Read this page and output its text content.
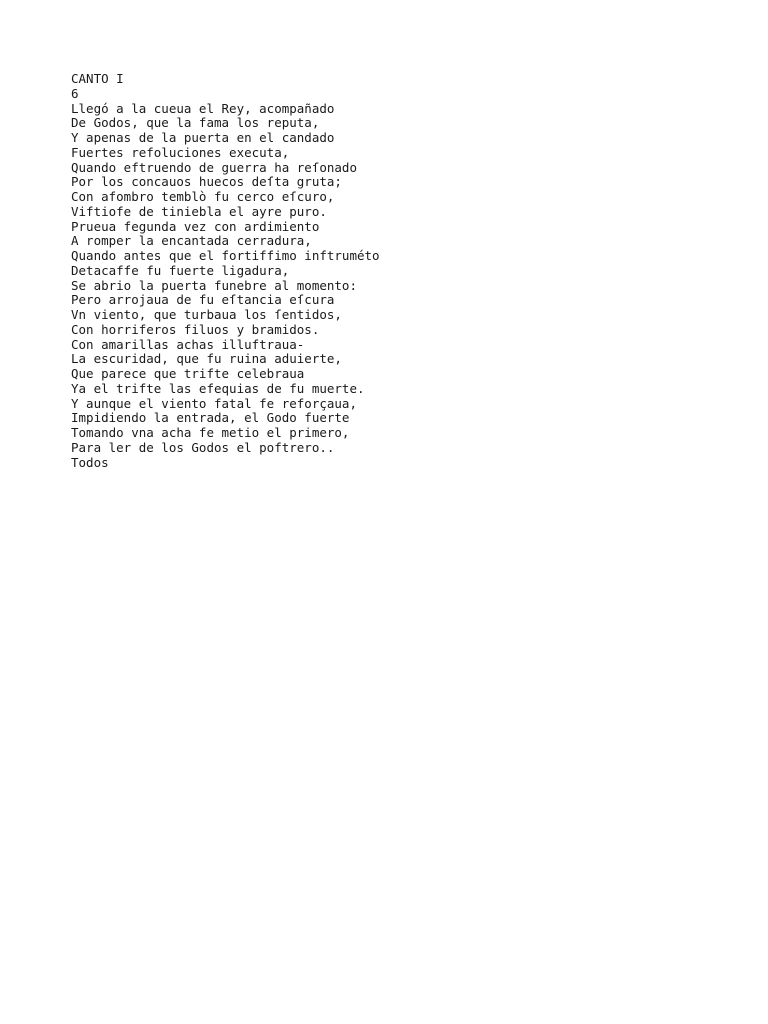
CANTO I

6

Llegó a la cueua el Rey, acompañado

De Godos, que la fama los reputa,

Y apenas de la puerta en el candado

Fuertes refoluciones executa,

Quando eftruendo de guerra ha reſonado

Por los concauos huecos deſta gruta;

Con afombro temblò fu cerco eſcuro,

Viftiofe de tiniebla el ayre puro.

Prueua fegunda vez con ardimiento

A romper la encantada cerradura,

Quando antes que el fortiffimo inftruméto

Detacaffe fu fuerte ligadura,

Se abrio la puerta funebre al momento:

Pero arrojaua de fu eſtancia eſcura

Vn viento, que turbaua los ſentidos,

Con horriferos filuos y bramidos.

Con amarillas achas illuftraua-

La escuridad, que fu ruina aduierte,

Que parece que trifte celebraua

Ya el trifte las efequias de fu muerte.

Y aunque el viento fatal fe reforçaua,

Impidiendo la entrada, el Godo fuerte

Tomando vna acha fe metio el primero,

Para ler de los Godos el poftrero..

Todos
